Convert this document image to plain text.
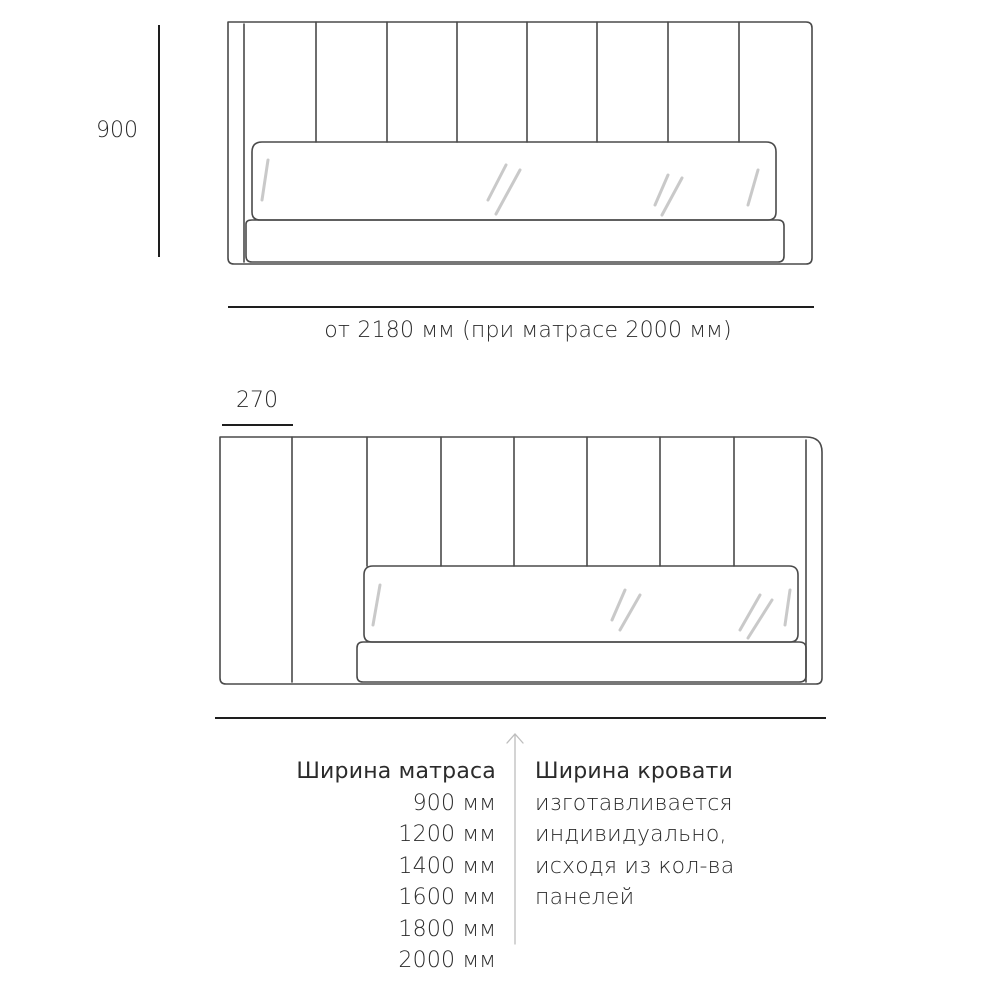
900
от 2180 мм (при матрасе 2000 мм)
270
Ширина матраса
900 мм
1200 мм
1400 мм
1600 мм
1800 мм
2000 мм
Ширина кровати
изготавливается
индивидуально,
исходя из кол-ва
панелей
